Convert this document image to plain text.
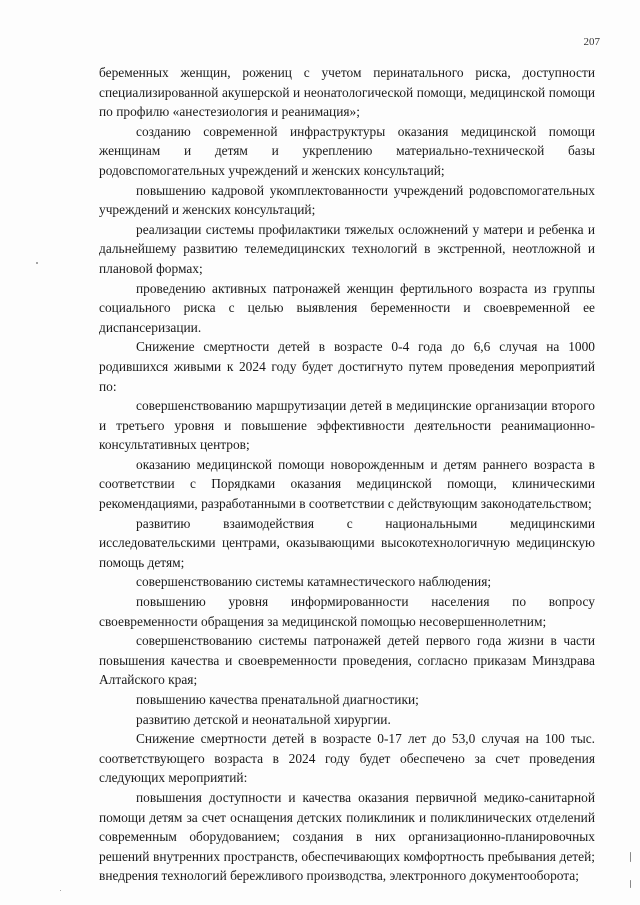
207

беременных женщин, рожениц с учетом перинатального риска, доступности специализированной акушерской и неонатологической помощи, медицинской помощи по профилю «анестезиология и реанимация»;

созданию современной инфраструктуры оказания медицинской помощи женщинам и детям и укреплению материально-технической базы родовспомогательных учреждений и женских консультаций;

повышению кадровой укомплектованности учреждений родовспомогательных учреждений и женских консультаций;

реализации системы профилактики тяжелых осложнений у матери и ребенка и дальнейшему развитию телемедицинских технологий в экстренной, неотложной и плановой формах;

проведению активных патронажей женщин фертильного возраста из группы социального риска с целью выявления беременности и своевременной ее диспансеризации.

Снижение смертности детей в возрасте 0-4 года до 6,6 случая на 1000 родившихся живыми к 2024 году будет достигнуто путем проведения мероприятий по:

совершенствованию маршрутизации детей в медицинские организации второго и третьего уровня и повышение эффективности деятельности реанимационно-консультативных центров;

оказанию медицинской помощи новорожденным и детям раннего возраста в соответствии с Порядками оказания медицинской помощи, клиническими рекомендациями, разработанными в соответствии с действующим законодательством;

развитию взаимодействия с национальными медицинскими исследовательскими центрами, оказывающими высокотехнологичную медицинскую помощь детям;

совершенствованию системы катамнестического наблюдения;

повышению уровня информированности населения по вопросу своевременности обращения за медицинской помощью несовершеннолетним;

совершенствованию системы патронажей детей первого года жизни в части повышения качества и своевременности проведения, согласно приказам Минздрава Алтайского края;

повышению качества пренатальной диагностики;

развитию детской и неонатальной хирургии.

Снижение смертности детей в возрасте 0-17 лет до 53,0 случая на 100 тыс. соответствующего возраста в 2024 году будет обеспечено за счет проведения следующих мероприятий:

повышения доступности и качества оказания первичной медико-санитарной помощи детям за счет оснащения детских поликлиник и поликлинических отделений современным оборудованием; создания в них организационно-планировочных решений внутренних пространств, обеспечивающих комфортность пребывания детей; внедрения технологий бережливого производства, электронного документооборота;
